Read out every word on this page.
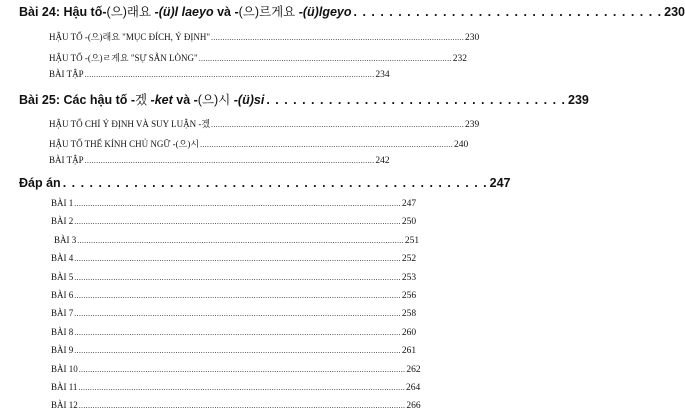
Bài 24: Hậu tố-(으)래요 -(ü)l laeyo và -(으)르게요 -(ü)lgeyo . . . . . . . . . . . . . . . . . . . . . . . . . . . . . . . . . . . 230
HẬU TỐ -(으)래요 "MỤC ĐÍCH, Ý ĐỊNH" .............................................................................................................. 230
HẬU TỐ -(으)ㄹ게요 "SỰ SẴN LÒNG" .............................................................................................................. 232
BÀI TẬP .............................................................................................................................. 234
Bài 25: Các hậu tố -겠 -ket và -(으)시 -(ü)si . . . . . . . . . . . . . . . . . . . . . . . . . . . . . . . . . . 239
HẬU TỐ CHỈ Ý ĐỊNH VÀ SUY LUẬN -겠 .............................................................................................................. 239
HẬU TỐ THỂ KÍNH CHỦ NGỮ -(으)시 .............................................................................................................. 240
BÀI TẬP .............................................................................................................................. 242
Đáp án . . . . . . . . . . . . . . . . . . . . . . . . . . . . . . . . . . . . . . . . . . . . . . . . 247
BÀI 1 .............................................................................................................................................. 247
BÀI 2 .............................................................................................................................................. 250
BÀI 3 .............................................................................................................................................. 251
BÀI 4 .............................................................................................................................................. 252
BÀI 5 .............................................................................................................................................. 253
BÀI 6 .............................................................................................................................................. 256
BÀI 7 .............................................................................................................................................. 258
BÀI 8 .............................................................................................................................................. 260
BÀI 9 .............................................................................................................................................. 261
BÀI 10 .............................................................................................................................................. 262
BÀI 11 .............................................................................................................................................. 264
BÀI 12 .............................................................................................................................................. 266
